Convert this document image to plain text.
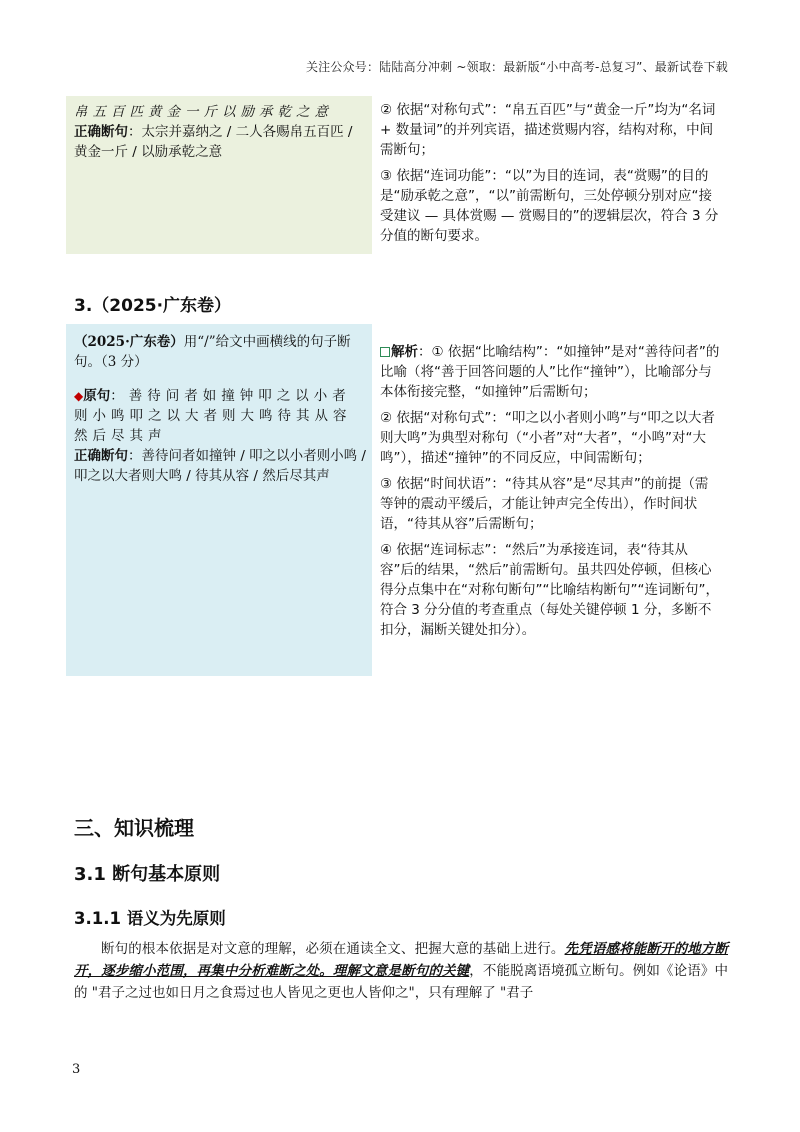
关注公众号：陆陆高分冲刺 ~领取：最新版“小中高考-总复习”、最新试卷下载

帛五百匹黄金一斤以励承乾之意

正确断句：太宗并嘉纳之 / 二人各赐帛五百匹 / 黄金一斤 / 以励承乾之意

② 依据“对称句式”：“帛五百匹”与“黄金一斤”均为“名词 + 数量词”的并列宾语，描述赏赐内容，结构对称，中间需断句；

③ 依据“连词功能”：“以”为目的连词，表“赏赐”的目的是“励承乾之意”，“以”前需断句，三处停顿分别对应“接受建议 — 具体赏赐 — 赏赐目的”的逻辑层次，符合 3 分分值的断句要求。

3.（2025·广东卷）

（2025·广东卷）用“/”给文中画横线的句子断句。（3 分）

◆原句：善待问者如撞钟叩之以小者则小鸣叩之以大者则大鸣待其从容然后尽其声

正确断句：善待问者如撞钟 / 叩之以小者则小鸣 / 叩之以大者则大鸣 / 待其从容 / 然后尽其声

解析：① 依据“比喻结构”：“如撞钟”是对“善待问者”的比喻（将“善于回答问题的人”比作“撞钟”），比喻部分与本体衔接完整，“如撞钟”后需断句；

② 依据“对称句式”：“叩之以小者则小鸣”与“叩之以大者则大鸣”为典型对称句（“小者”对“大者”，“小鸣”对“大鸣”），描述“撞钟”的不同反应，中间需断句；

③ 依据“时间状语”：“待其从容”是“尽其声”的前提（需等钟的震动平缓后，才能让钟声完全传出），作时间状语，“待其从容”后需断句；

④ 依据“连词标志”：“然后”为承接连词，表“待其从容”后的结果，“然后”前需断句。虽共四处停顿，但核心得分点集中在“对称句断句”“比喻结构断句”“连词断句”，符合 3 分分值的考查重点（每处关键停顿 1 分，多断不扣分，漏断关键处扣分）。

三、知识梳理
3.1 断句基本原则
3.1.1 语义为先原则

断句的根本依据是对文意的理解，必须在通读全文、把握大意的基础上进行。先凭语感将能断开的地方断开，逐步缩小范围，再集中分析难断之处。理解文意是断句的关键，不能脱离语境孤立断句。例如《论语》中的 "君子之过也如日月之食焉过也人皆见之更也人皆仰之"，只有理解了 "君子

3
